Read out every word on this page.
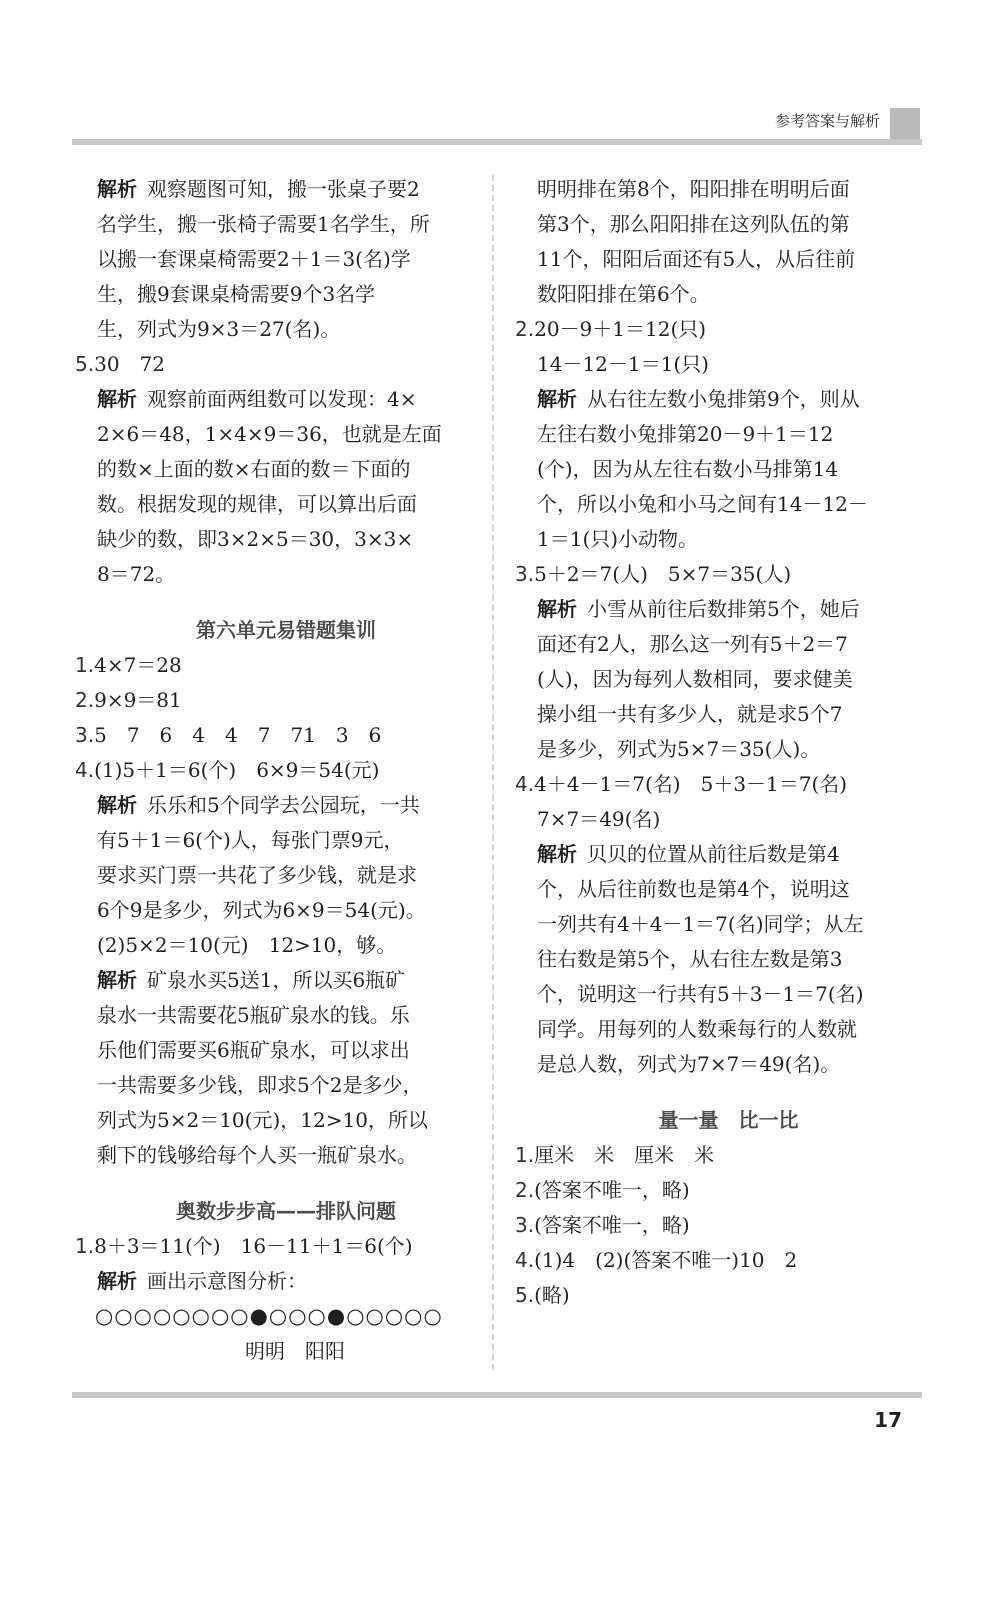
参考答案与解析
解析 观察题图可知，搬一张桌子要2
名学生，搬一张椅子需要1名学生，所
以搬一套课桌椅需要2＋1＝3(名)学
生，搬9套课桌椅需要9个3名学
生，列式为9×3＝27(名)。
5.30　72
解析 观察前面两组数可以发现：4×
2×6＝48，1×4×9＝36，也就是左面
的数×上面的数×右面的数＝下面的
数。根据发现的规律，可以算出后面
缺少的数，即3×2×5＝30，3×3×
8＝72。
第六单元易错题集训
1.4×7＝28
2.9×9＝81
3.5　7　6　4　4　7　71　3　6
4.(1)5＋1＝6(个)　6×9＝54(元)
解析 乐乐和5个同学去公园玩，一共
有5＋1＝6(个)人，每张门票9元，
要求买门票一共花了多少钱，就是求
6个9是多少，列式为6×9＝54(元)。
(2)5×2＝10(元)　12>10，够。
解析 矿泉水买5送1，所以买6瓶矿
泉水一共需要花5瓶矿泉水的钱。乐
乐他们需要买6瓶矿泉水，可以求出
一共需要多少钱，即求5个2是多少，
列式为5×2＝10(元)，12>10，所以
剩下的钱够给每个人买一瓶矿泉水。
奥数步步高——排队问题
1.8＋3＝11(个)　16－11＋1＝6(个)
解析 画出示意图分析：
○○○○○○○○●○○○●○○○○○
明明　阳阳
明明排在第8个，阳阳排在明明后面
第3个，那么阳阳排在这列队伍的第
11个，阳阳后面还有5人，从后往前
数阳阳排在第6个。
2.20－9＋1＝12(只)
14－12－1＝1(只)
解析 从右往左数小兔排第9个，则从
左往右数小兔排第20－9＋1＝12
(个)，因为从左往右数小马排第14
个，所以小兔和小马之间有14－12－
1＝1(只)小动物。
3.5＋2＝7(人)　5×7＝35(人)
解析 小雪从前往后数排第5个，她后
面还有2人，那么这一列有5＋2＝7
(人)，因为每列人数相同，要求健美
操小组一共有多少人，就是求5个7
是多少，列式为5×7＝35(人)。
4.4＋4－1＝7(名)　5＋3－1＝7(名)
7×7＝49(名)
解析 贝贝的位置从前往后数是第4
个，从后往前数也是第4个，说明这
一列共有4＋4－1＝7(名)同学；从左
往右数是第5个，从右往左数是第3
个，说明这一行共有5＋3－1＝7(名)
同学。用每列的人数乘每行的人数就
是总人数，列式为7×7＝49(名)。
量一量　比一比
1.厘米　米　厘米　米
2.(答案不唯一，略)
3.(答案不唯一，略)
4.(1)4　(2)(答案不唯一)10　2
5.(略)
17
